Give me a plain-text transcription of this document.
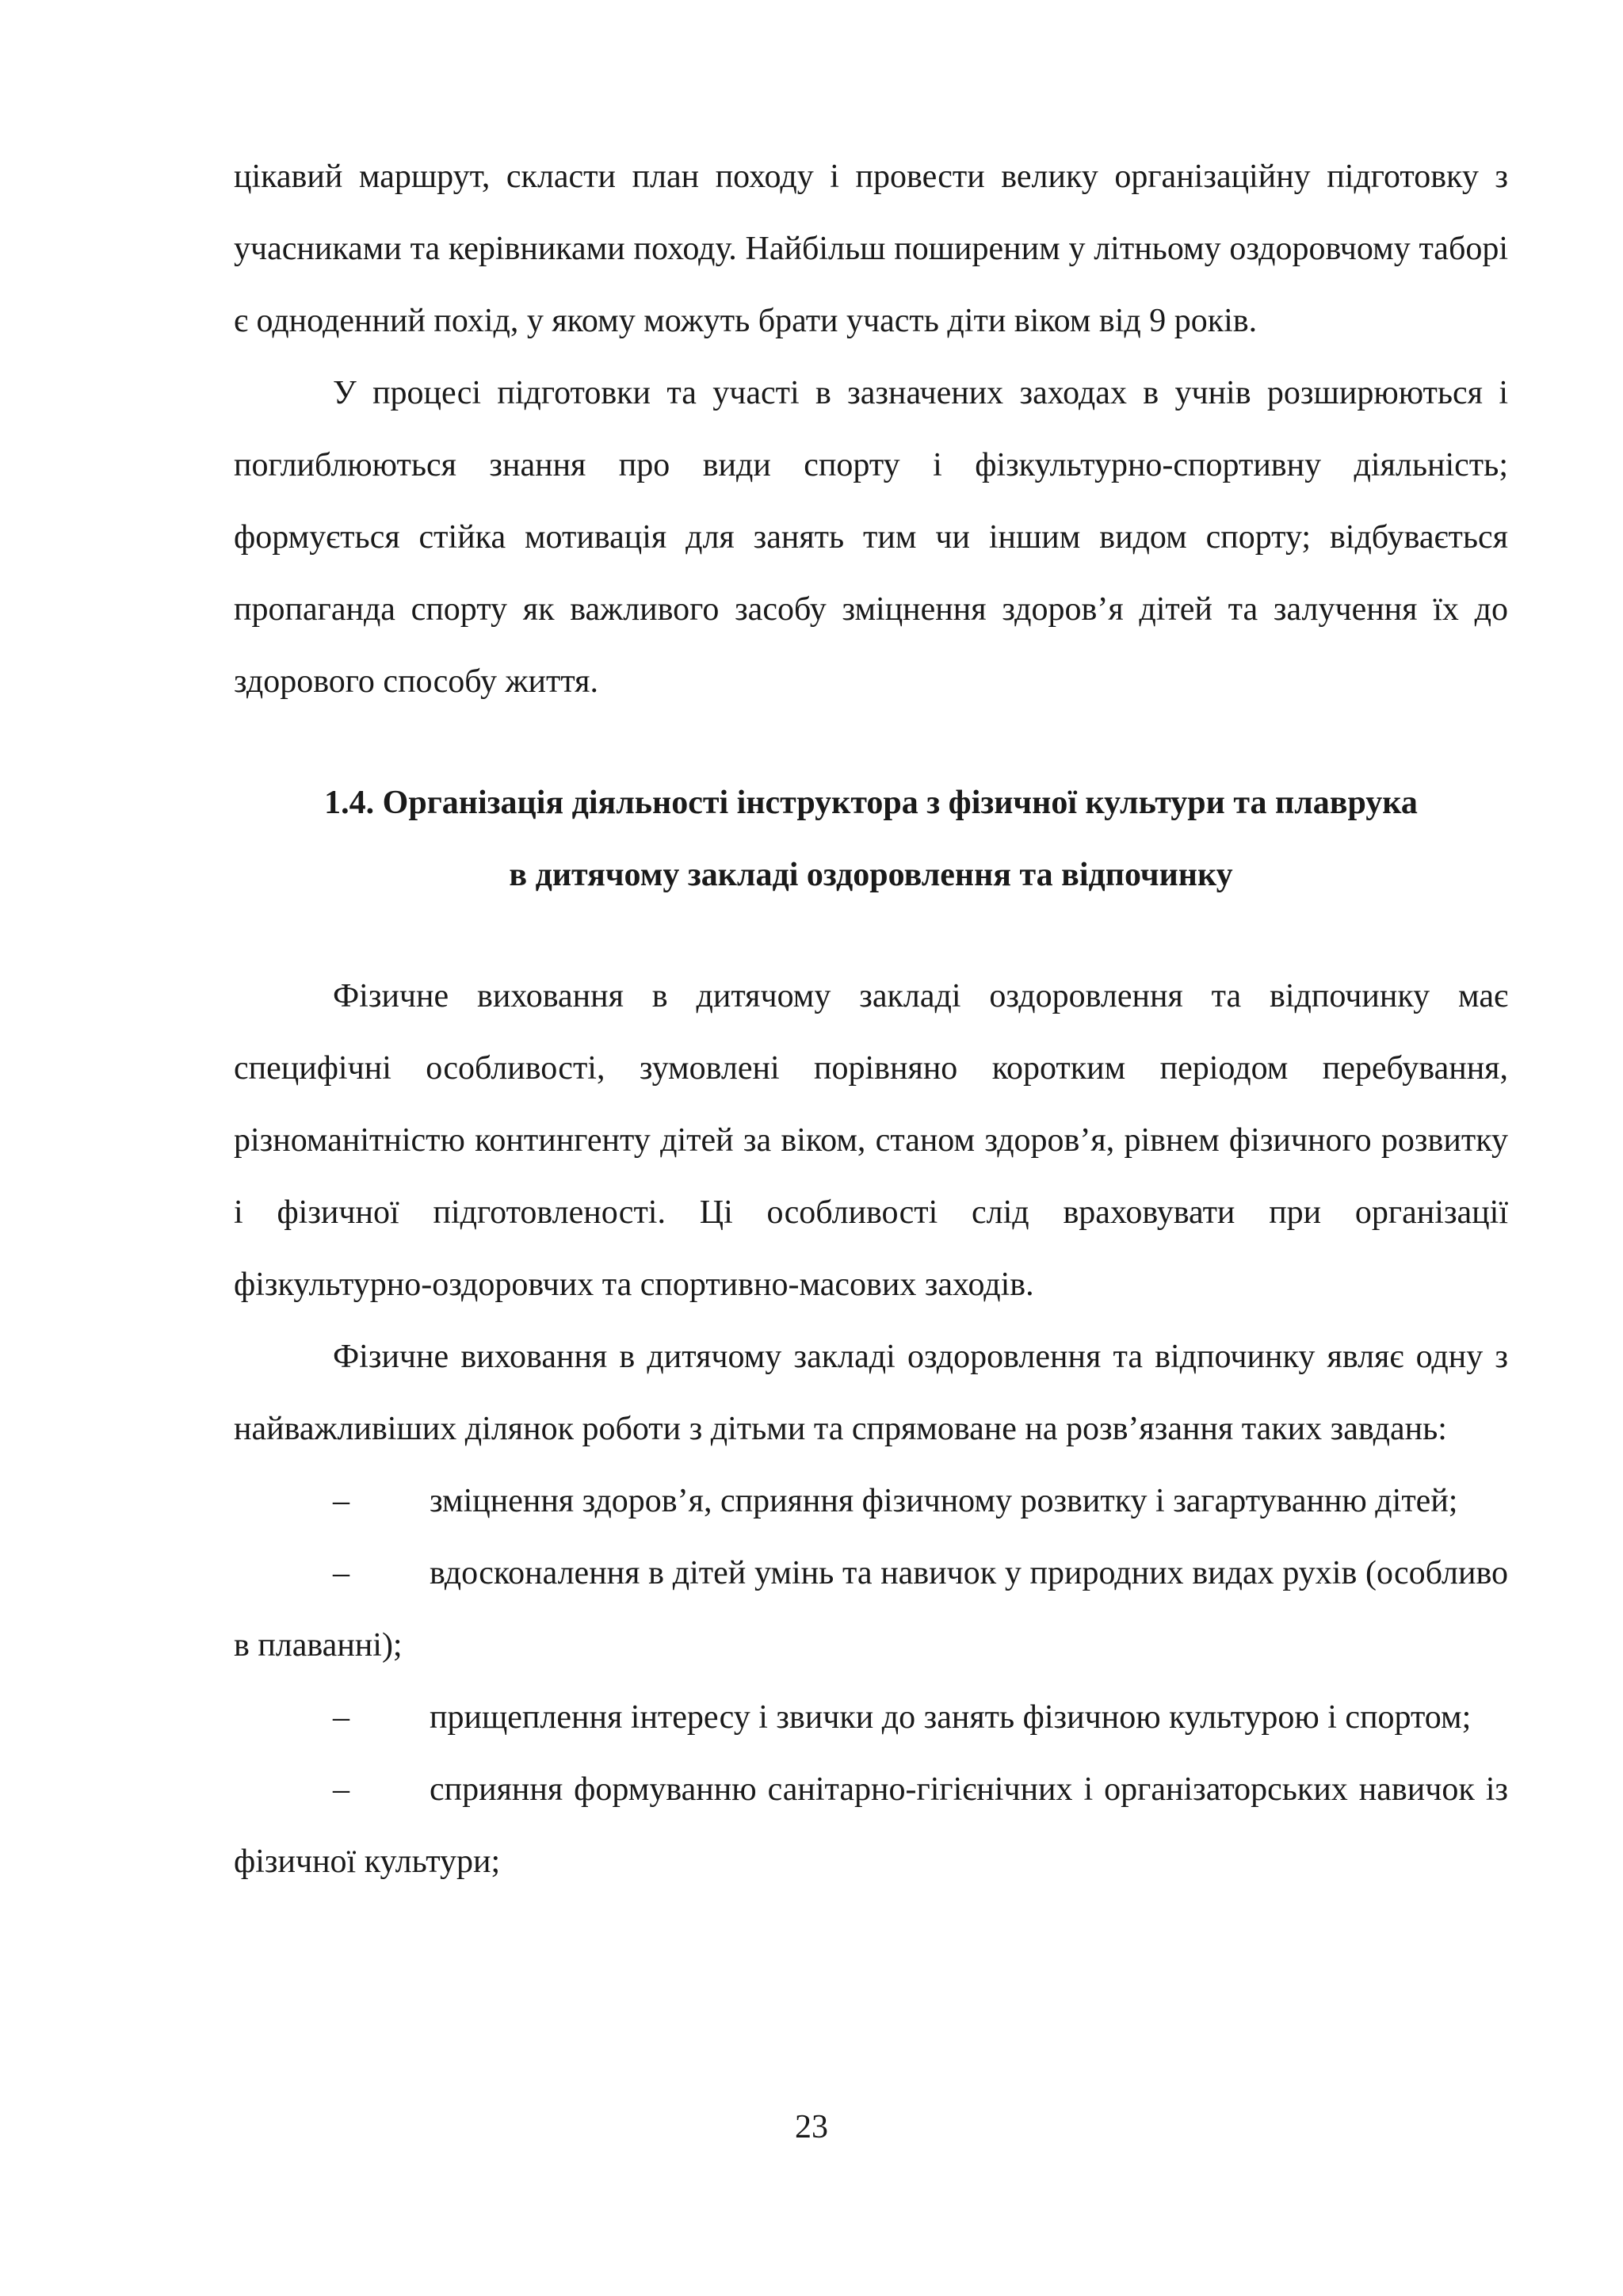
цікавий маршрут, скласти план походу і провести велику організаційну підготовку з учасниками та керівниками походу. Найбільш поширеним у літньому оздоровчому таборі є одноденний похід, у якому можуть брати участь діти віком від 9 років.

У процесі підготовки та участі в зазначених заходах в учнів розширюються і поглиблюються знання про види спорту і фізкультурно-спортивну діяльність; формується стійка мотивація для занять тим чи іншим видом спорту; відбувається пропаганда спорту як важливого засобу зміцнення здоров’я дітей та залучення їх до здорового способу життя.

1.4. Організація діяльності інструктора з фізичної культури та плаврука

в дитячому закладі оздоровлення та відпочинку

Фізичне виховання в дитячому закладі оздоровлення та відпочинку має специфічні особливості, зумовлені порівняно коротким періодом перебування, різноманітністю контингенту дітей за віком, станом здоров’я, рівнем фізичного розвитку і фізичної підготовленості. Ці особливості слід враховувати при організації фізкультурно-оздоровчих та спортивно-масових заходів.

Фізичне виховання в дитячому закладі оздоровлення та відпочинку являє одну з найважливіших ділянок роботи з дітьми та спрямоване на розв’язання таких завдань:

– зміцнення здоров’я, сприяння фізичному розвитку і загартуванню дітей;

– вдосконалення в дітей умінь та навичок у природних видах рухів (особливо в плаванні);

– прищеплення інтересу і звички до занять фізичною культурою і спортом;

– сприяння формуванню санітарно-гігієнічних і організаторських навичок із фізичної культури;

23
